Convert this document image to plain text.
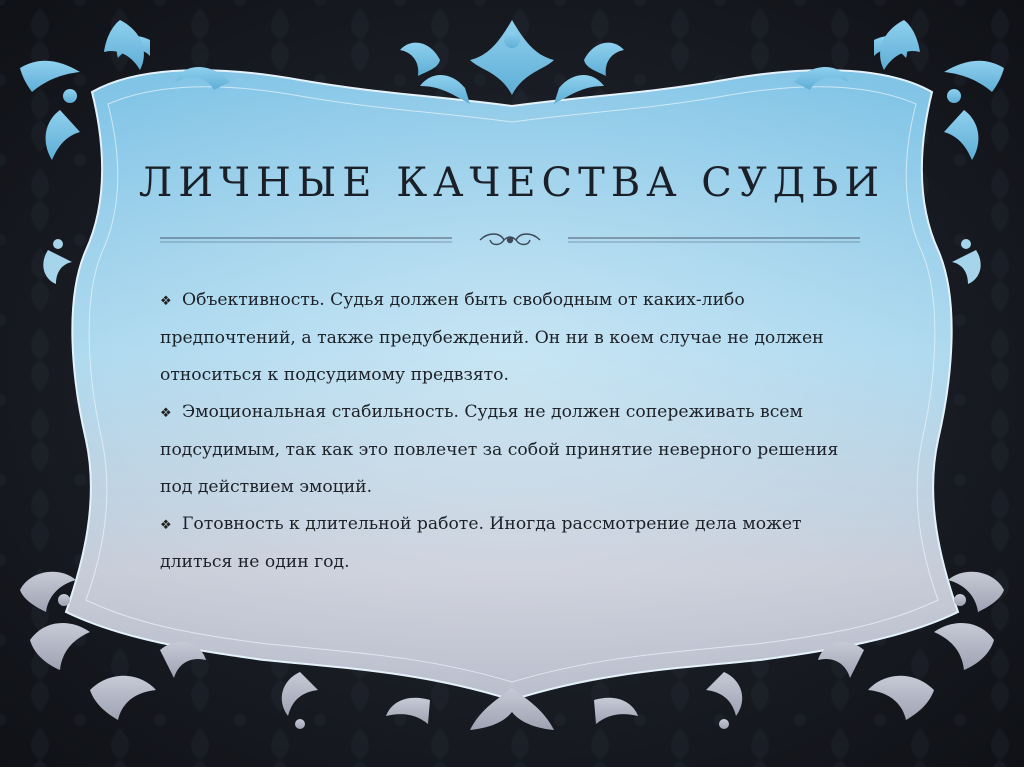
ЛИЧНЫЕ КАЧЕСТВА СУДЬИ
❖ Объективность. Судья должен быть свободным от каких-либо предпочтений, а также предубеждений. Он ни в коем случае не должен относиться к подсудимому предвзято.
❖ Эмоциональная стабильность. Судья не должен сопереживать всем подсудимым, так как это повлечет за собой принятие неверного решения под действием эмоций.
❖ Готовность к длительной работе. Иногда рассмотрение дела может длиться не один год.
